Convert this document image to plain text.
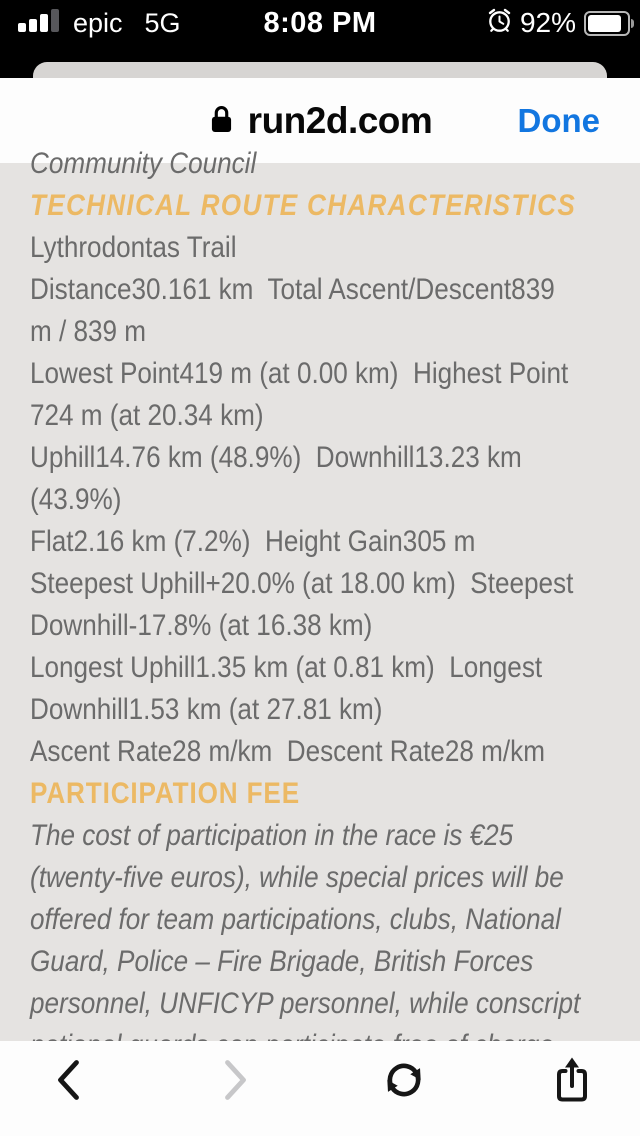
epic 5G	8:08 PM	92%
run2d.com	Done
Community Council
TECHNICAL ROUTE CHARACTERISTICS
Lythrodontas Trail
Distance30.161 km  Total Ascent/Descent839
m / 839 m
Lowest Point419 m (at 0.00 km)  Highest Point
724 m (at 20.34 km)
Uphill14.76 km (48.9%)  Downhill13.23 km
(43.9%)
Flat2.16 km (7.2%)  Height Gain305 m
Steepest Uphill+20.0% (at 18.00 km)  Steepest
Downhill-17.8% (at 16.38 km)
Longest Uphill1.35 km (at 0.81 km)  Longest
Downhill1.53 km (at 27.81 km)
Ascent Rate28 m/km  Descent Rate28 m/km
PARTICIPATION FEE
The cost of participation in the race is €25
(twenty-five euros), while special prices will be
offered for team participations, clubs, National
Guard, Police – Fire Brigade, British Forces
personnel, UNFICYP personnel, while conscript
